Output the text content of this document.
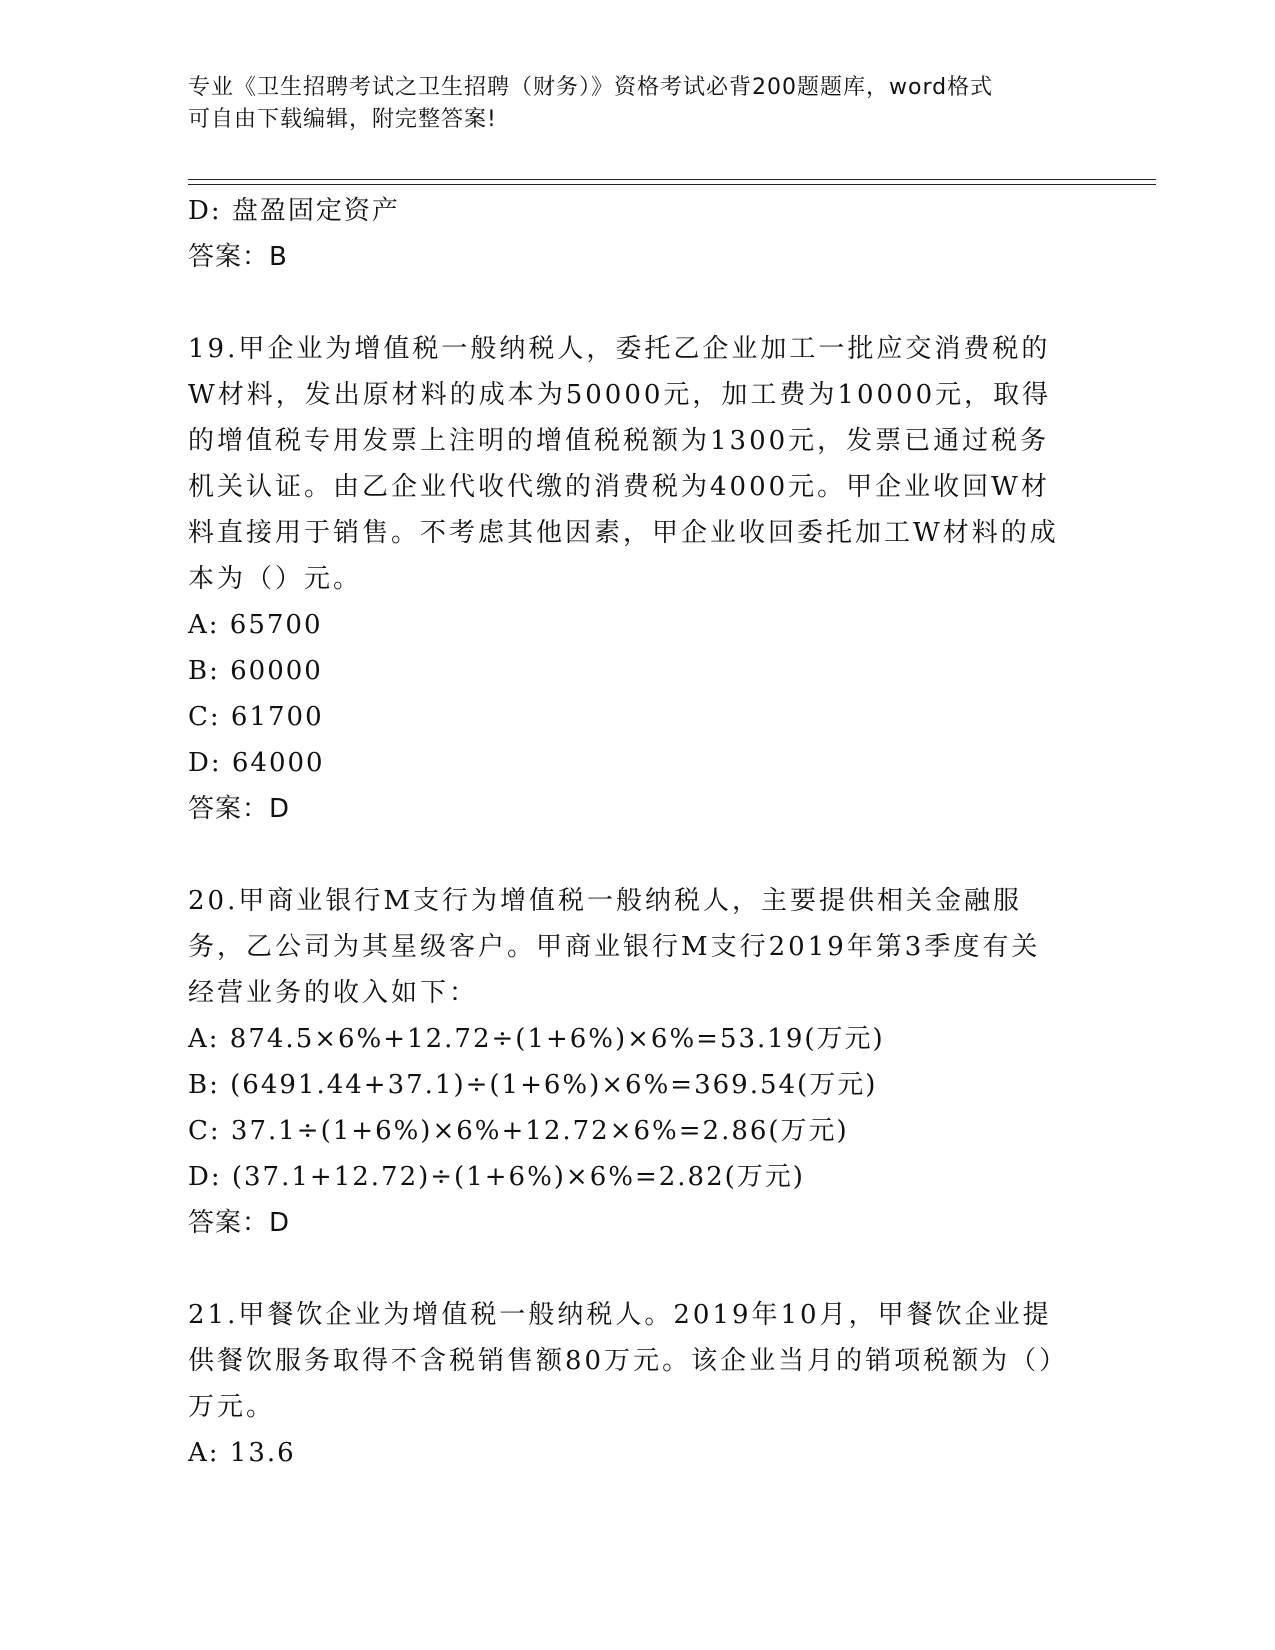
专业《卫生招聘考试之卫生招聘（财务）》资格考试必背200题题库，word格式
可自由下载编辑，附完整答案!
D: 盘盈固定资产
答案：B
19.甲企业为增值税一般纳税人，委托乙企业加工一批应交消费税的W材料，发出原材料的成本为50000元，加工费为10000元，取得的增值税专用发票上注明的增值税税额为1300元，发票已通过税务机关认证。由乙企业代收代缴的消费税为4000元。甲企业收回W材料直接用于销售。不考虑其他因素，甲企业收回委托加工W材料的成本为（）元。
A: 65700
B: 60000
C: 61700
D: 64000
答案：D
20.甲商业银行M支行为增值税一般纳税人，主要提供相关金融服务，乙公司为其星级客户。甲商业银行M支行2019年第3季度有关经营业务的收入如下：
A: 874.5×6%+12.72÷(1+6%)×6%=53.19(万元)
B: (6491.44+37.1)÷(1+6%)×6%=369.54(万元)
C: 37.1÷(1+6%)×6%+12.72×6%=2.86(万元)
D: (37.1+12.72)÷(1+6%)×6%=2.82(万元)
答案：D
21.甲餐饮企业为增值税一般纳税人。2019年10月，甲餐饮企业提供餐饮服务取得不含税销售额80万元。该企业当月的销项税额为（）万元。
A: 13.6
